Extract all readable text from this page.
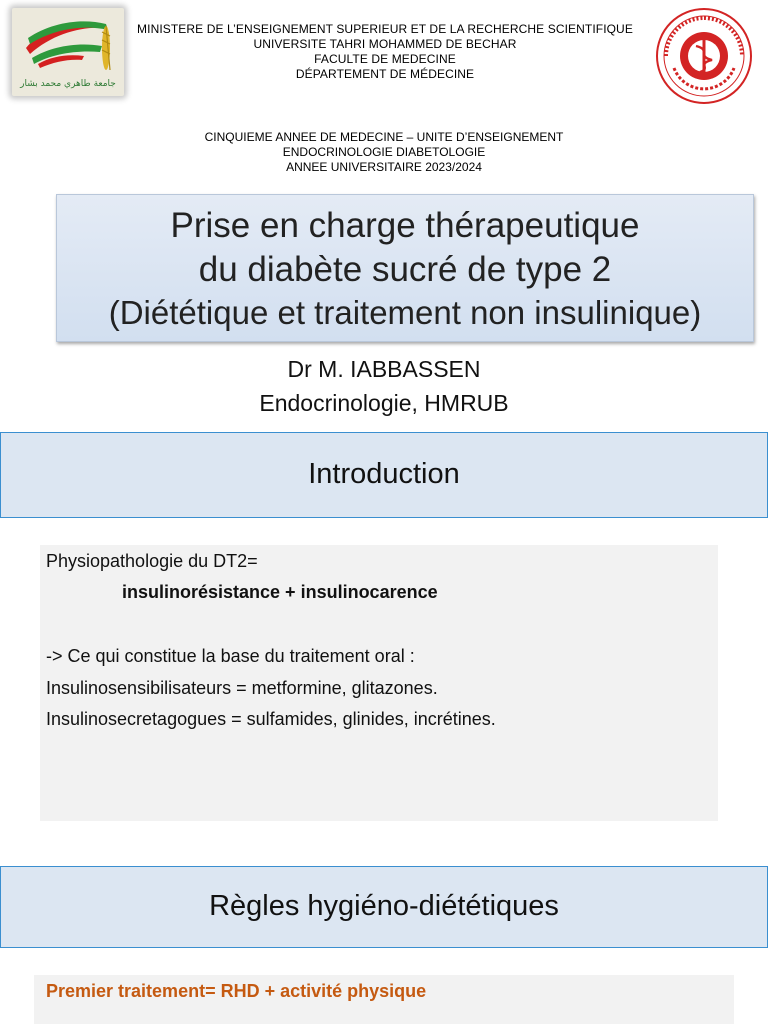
جامعة طاهري محمد بشار
MINISTERE DE L’ENSEIGNEMENT SUPERIEUR ET DE LA RECHERCHE SCIENTIFIQUE
UNIVERSITE TAHRI MOHAMMED DE BECHAR
FACULTE DE MEDECINE
DÉPARTEMENT DE MÉDECINE
CINQUIEME ANNEE DE MEDECINE – UNITE D’ENSEIGNEMENT
ENDOCRINOLOGIE DIABETOLOGIE
ANNEE UNIVERSITAIRE 2023/2024
Prise en charge thérapeutique
du diabète sucré de type 2
(Diététique et traitement non insulinique)
Dr M. IABBASSEN
Endocrinologie, HMRUB
Introduction
Physiopathologie du DT2=
insulinorésistance + insulinocarence
-> Ce qui constitue la base du traitement oral :
Insulinosensibilisateurs = metformine, glitazones.
Insulinosecretagogues = sulfamides, glinides, incrétines.
Règles hygiéno-diététiques
Premier traitement= RHD + activité physique
